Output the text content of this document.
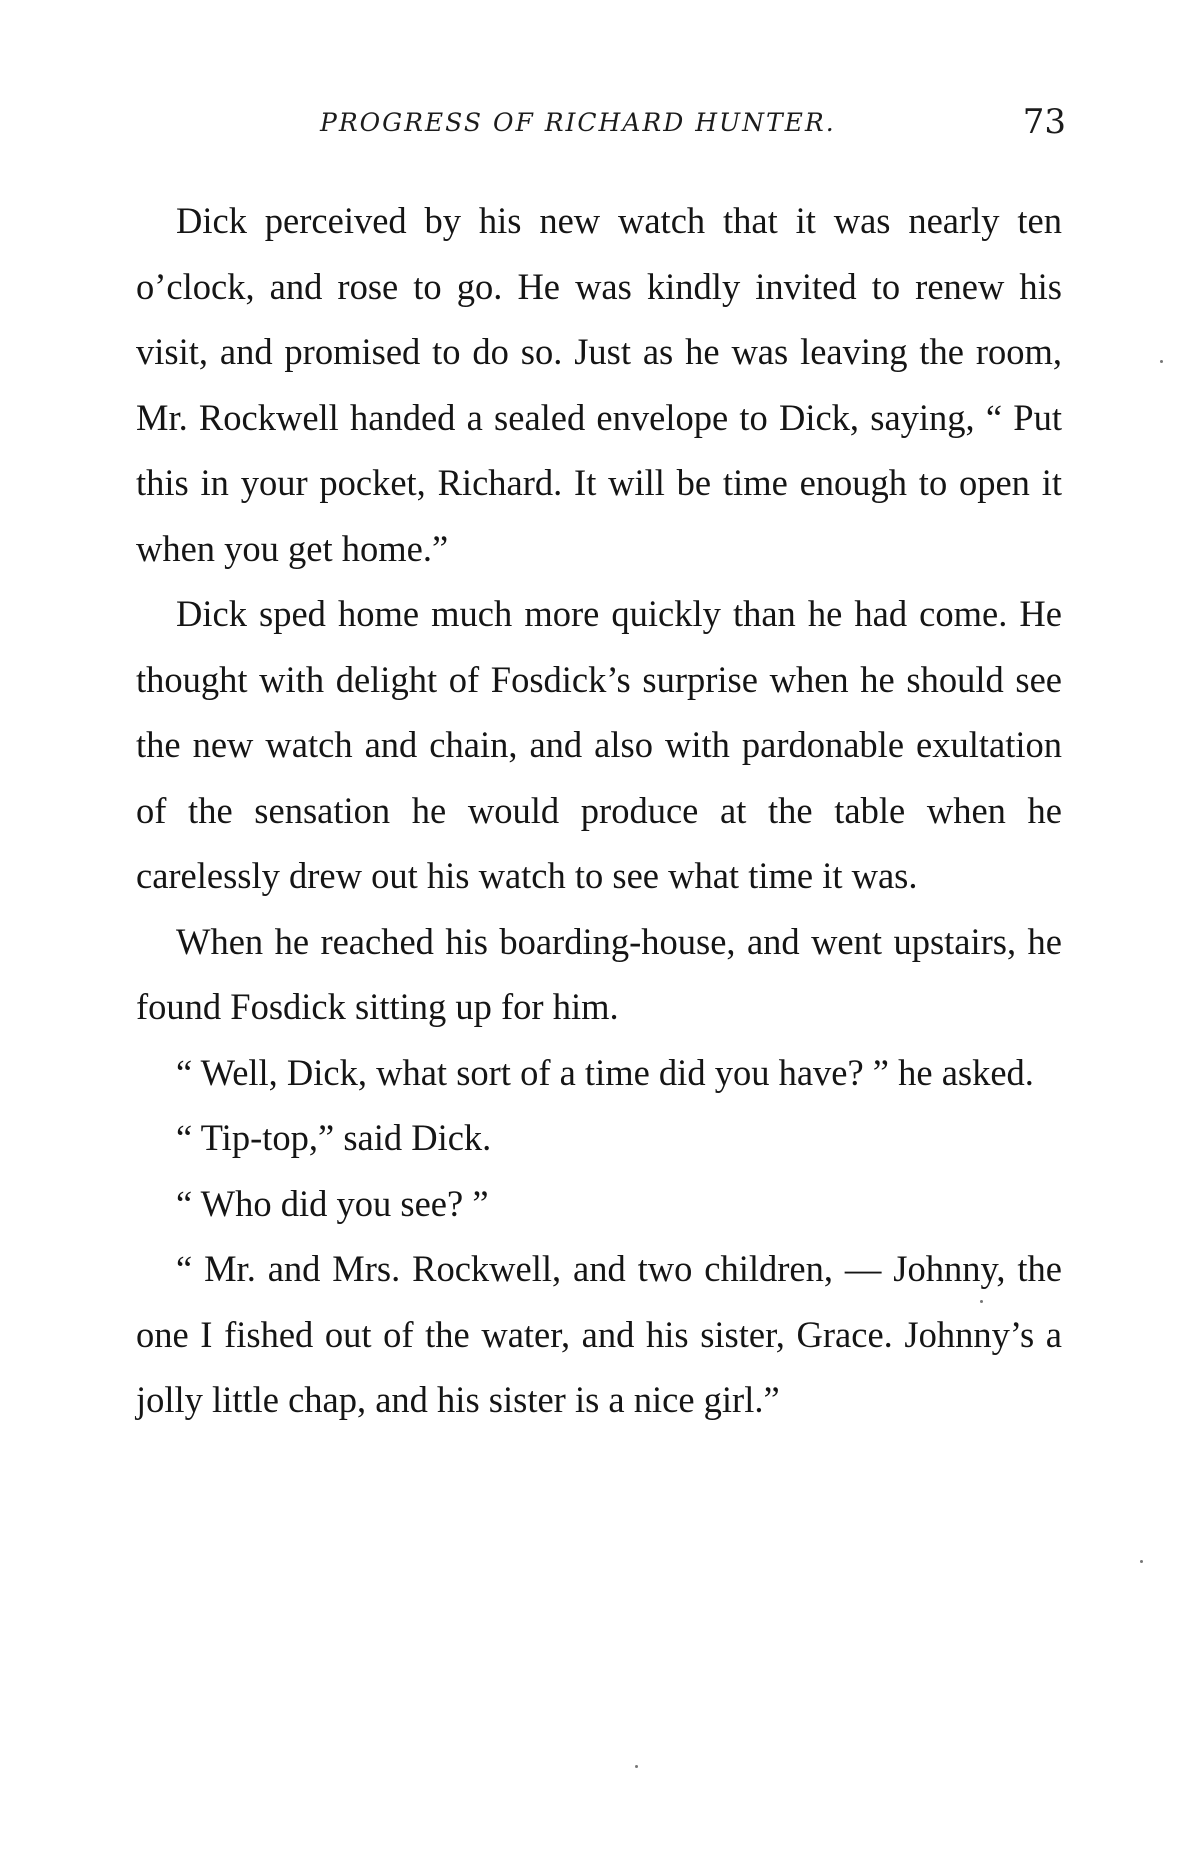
PROGRESS OF RICHARD HUNTER.	73

Dick perceived by his new watch that it was nearly ten o’clock, and rose to go. He was kindly invited to renew his visit, and promised to do so. Just as he was leaving the room, Mr. Rockwell handed a sealed envelope to Dick, saying, “ Put this in your pocket, Richard. It will be time enough to open it when you get home.”

Dick sped home much more quickly than he had come. He thought with delight of Fosdick’s surprise when he should see the new watch and chain, and also with pardonable exultation of the sensation he would produce at the table when he carelessly drew out his watch to see what time it was.

When he reached his boarding-house, and went upstairs, he found Fosdick sitting up for him.

“ Well, Dick, what sort of a time did you have? ” he asked.

“ Tip-top,” said Dick.

“ Who did you see? ”

“ Mr. and Mrs. Rockwell, and two children, — Johnny, the one I fished out of the water, and his sister, Grace. Johnny’s a jolly little chap, and his sister is a nice girl.”
